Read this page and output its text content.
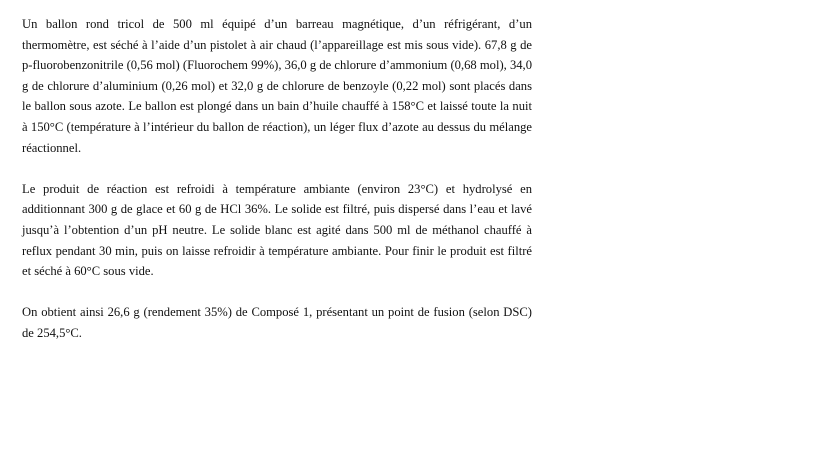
Un ballon rond tricol de 500 ml équipé d’un barreau magnétique, d’un réfrigérant, d’un thermomètre, est séché à l’aide d’un pistolet à air chaud (l’appareillage est mis sous vide). 67,8 g de p-fluorobenzonitrile (0,56 mol) (Fluorochem 99%), 36,0 g de chlorure d’ammonium (0,68 mol), 34,0 g de chlorure d’aluminium (0,26 mol) et 32,0 g de chlorure de benzoyle (0,22 mol) sont placés dans le ballon sous azote. Le ballon est plongé dans un bain d’huile chauffé à 158°C et laissé toute la nuit à 150°C (température à l’intérieur du ballon de réaction), un léger flux d’azote au dessus du mélange réactionnel.

Le produit de réaction est refroidi à température ambiante (environ 23°C) et hydrolysé en additionnant 300 g de glace et 60 g de HCl 36%. Le solide est filtré, puis dispersé dans l’eau et lavé jusqu’à l’obtention d’un pH neutre. Le solide blanc est agité dans 500 ml de méthanol chauffé à reflux pendant 30 min, puis on laisse refroidir à température ambiante. Pour finir le produit est filtré et séché à 60°C sous vide.

On obtient ainsi 26,6 g (rendement 35%) de Composé 1, présentant un point de fusion (selon DSC) de 254,5°C.
